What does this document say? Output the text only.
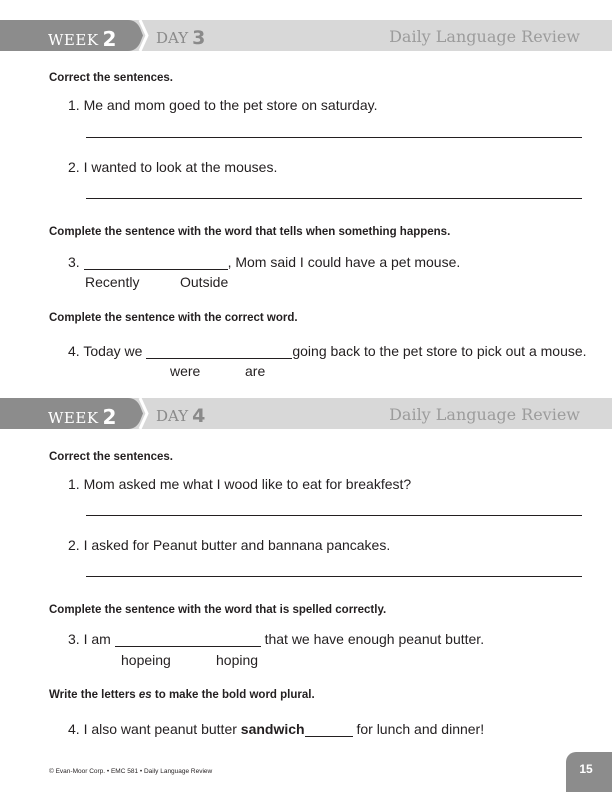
WEEK 2	DAY 3	Daily Language Review
Correct the sentences.
1. Me and mom goed to the pet store on saturday.
2. I wanted to look at the mouses.
Complete the sentence with the word that tells when something happens.
3.	, Mom said I could have a pet mouse.
Recently	Outside
Complete the sentence with the correct word.
4. Today we	going back to the pet store to pick out a mouse.
were	are
WEEK 2	DAY 4	Daily Language Review
Correct the sentences.
1. Mom asked me what I wood like to eat for breakfest?
2. I asked for Peanut butter and bannana pancakes.
Complete the sentence with the word that is spelled correctly.
3. I am	that we have enough peanut butter.
hopeing	hoping
Write the letters es to make the bold word plural.
4. I also want peanut butter sandwich	for lunch and dinner!
© Evan-Moor Corp. • EMC 581 • Daily Language Review	15
